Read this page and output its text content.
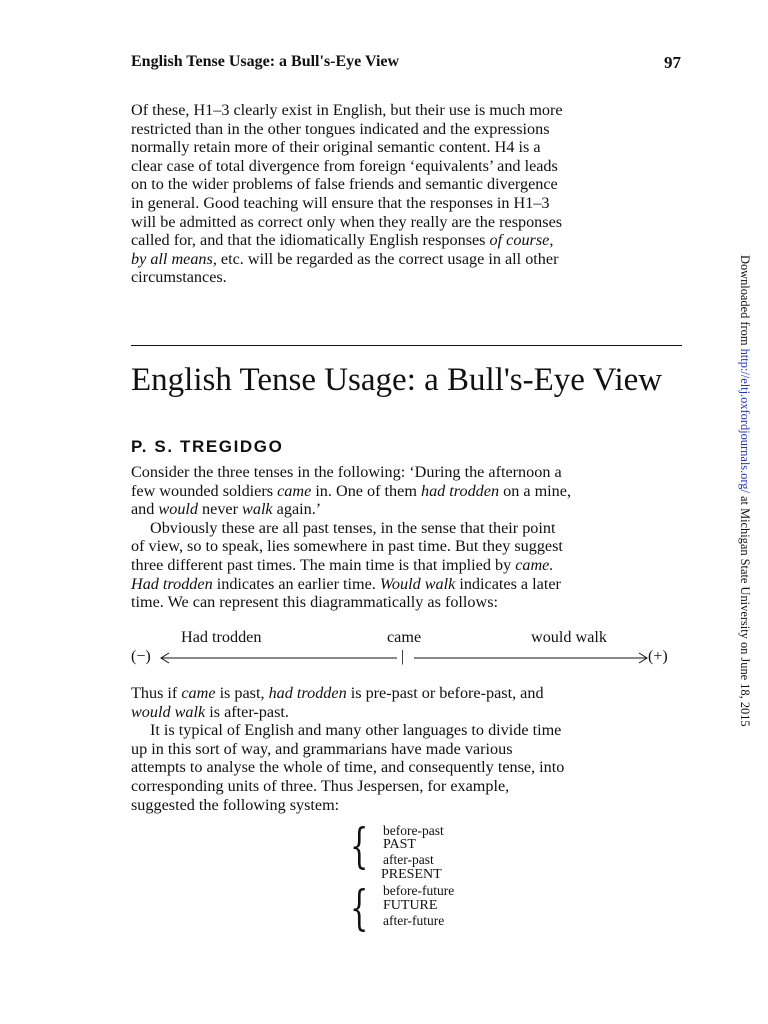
English Tense Usage: a Bull's-Eye View	97
Of these, H1–3 clearly exist in English, but their use is much more
restricted than in the other tongues indicated and the expressions
normally retain more of their original semantic content. H4 is a
clear case of total divergence from foreign ‘equivalents’ and leads
on to the wider problems of false friends and semantic divergence
in general. Good teaching will ensure that the responses in H1–3
will be admitted as correct only when they really are the responses
called for, and that the idiomatically English responses of course,
by all means, etc. will be regarded as the correct usage in all other
circumstances.
English Tense Usage: a Bull's-Eye View
P. S. TREGIDGO
Consider the three tenses in the following: ‘During the afternoon a
few wounded soldiers came in. One of them had trodden on a mine,
and would never walk again.’
Obviously these are all past tenses, in the sense that their point
of view, so to speak, lies somewhere in past time. But they suggest
three different past times. The main time is that implied by came.
Had trodden indicates an earlier time. Would walk indicates a later
time. We can represent this diagrammatically as follows:
Had trodden	came	would walk
(−)	|	(+)
Thus if came is past, had trodden is pre-past or before-past, and
would walk is after-past.
It is typical of English and many other languages to divide time
up in this sort of way, and grammarians have made various
attempts to analyse the whole of time, and consequently tense, into
corresponding units of three. Thus Jespersen, for example,
suggested the following system:
{
{
before-past
PAST
after-past
PRESENT
before-future
FUTURE
after-future
Downloaded from http://eltj.oxfordjournals.org/ at Michigan State University on June 18, 2015
